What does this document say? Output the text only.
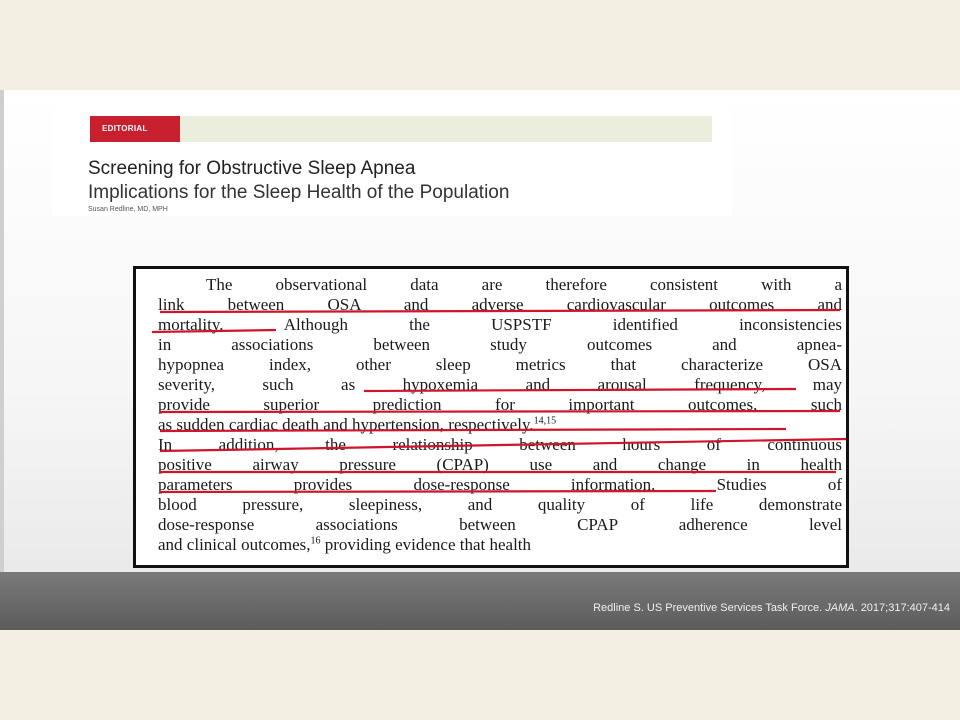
EDITORIAL
Screening for Obstructive Sleep Apnea
Implications for the Sleep Health of the Population
Susan Redline, MD, MPH
The observational data are therefore consistent with a
link between OSA and adverse cardiovascular outcomes and
mortality. Although the USPSTF identified inconsistencies
in associations between study outcomes and apnea-
hypopnea index, other sleep metrics that characterize OSA
severity, such as hypoxemia and arousal frequency, may
provide superior prediction for important outcomes, such
as sudden cardiac death and hypertension, respectively.$^{14,15}$
In addition, the relationship between hours of continuous
positive airway pressure (CPAP) use and change in health
parameters provides dose-response information. Studies of
blood pressure, sleepiness, and quality of life demonstrate
dose-response associations between CPAP adherence level
and clinical outcomes,$^{16}$ providing evidence that health
Redline S. US Preventive Services Task Force. JAMA. 2017;317:407-414
